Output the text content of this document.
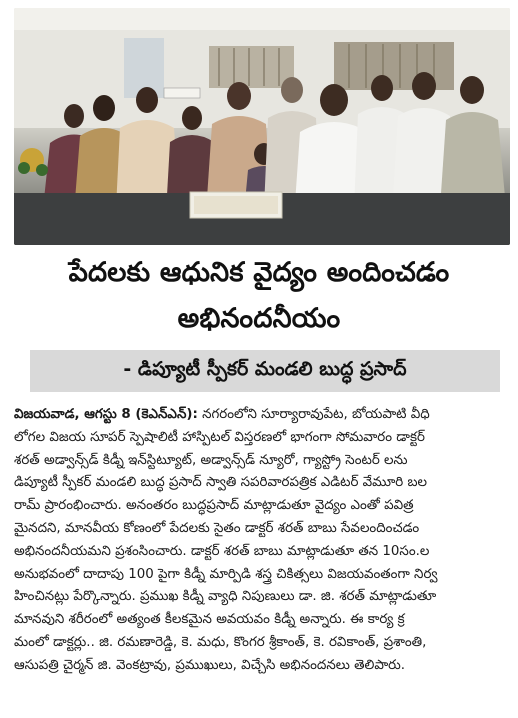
పేదలకు ఆధునిక వైద్యం అందించడం
అభినందనీయం
- డిప్యూటీ స్పీకర్ మండలి బుద్ధ ప్రసాద్
విజయవాడ, ఆగస్టు 8 (కెఎన్ఎన్): నగరంలోని సూర్యారావుపేట, బోయపాటి వీధి
లోగల విజయ సూపర్ స్పెషాలిటీ హాస్పిటల్ విస్తరణలో భాగంగా సోమవారం డాక్టర్
శరత్ అడ్వాన్స్‌డ్ కిడ్నీ ఇన్‌స్టిట్యూట్, అడ్వాన్స్‌డ్ న్యూరో, గ్యాస్ట్రో సెంటర్ లను
డిప్యూటీ స్పీకర్ మండలి బుద్ధ ప్రసాద్ స్వాతి సపరివారపత్రిక ఎడిటర్ వేమూరి బల
రామ్ ప్రారంభించారు. అనంతరం బుద్ధప్రసాద్ మాట్లాడుతూ వైద్యం ఎంతో పవిత్ర
మైనదని, మానవీయ కోణంలో పేదలకు సైతం డాక్టర్ శరత్ బాబు సేవలందించడం
అభినందనీయమని ప్రశంసించారు. డాక్టర్ శరత్ బాబు మాట్లాడుతూ తన 10సం.ల
అనుభవంలో దాదాపు 100 పైగా కిడ్నీ మార్పిడి శస్త్ర చికిత్సలు విజయవంతంగా నిర్వ
హించినట్లు పేర్కొన్నారు. ప్రముఖ కిడ్నీ వ్యాధి నిపుణులు డా. జి. శరత్ మాట్లాడుతూ
మానవుని శరీరంలో అత్యంత కీలకమైన అవయవం కిడ్నీ అన్నారు. ఈ కార్య క్ర
మంలో డాక్టర్లు.. జి. రమణారెడ్డి, కె. మధు, కొంగర శ్రీకాంత్, కె. రవికాంత్, ప్రశాంతి,
ఆసుపత్రి చైర్మన్ జి. వెంకట్రావు, ప్రముఖులు, విచ్చేసి అభినందనలు తెలిపారు.
